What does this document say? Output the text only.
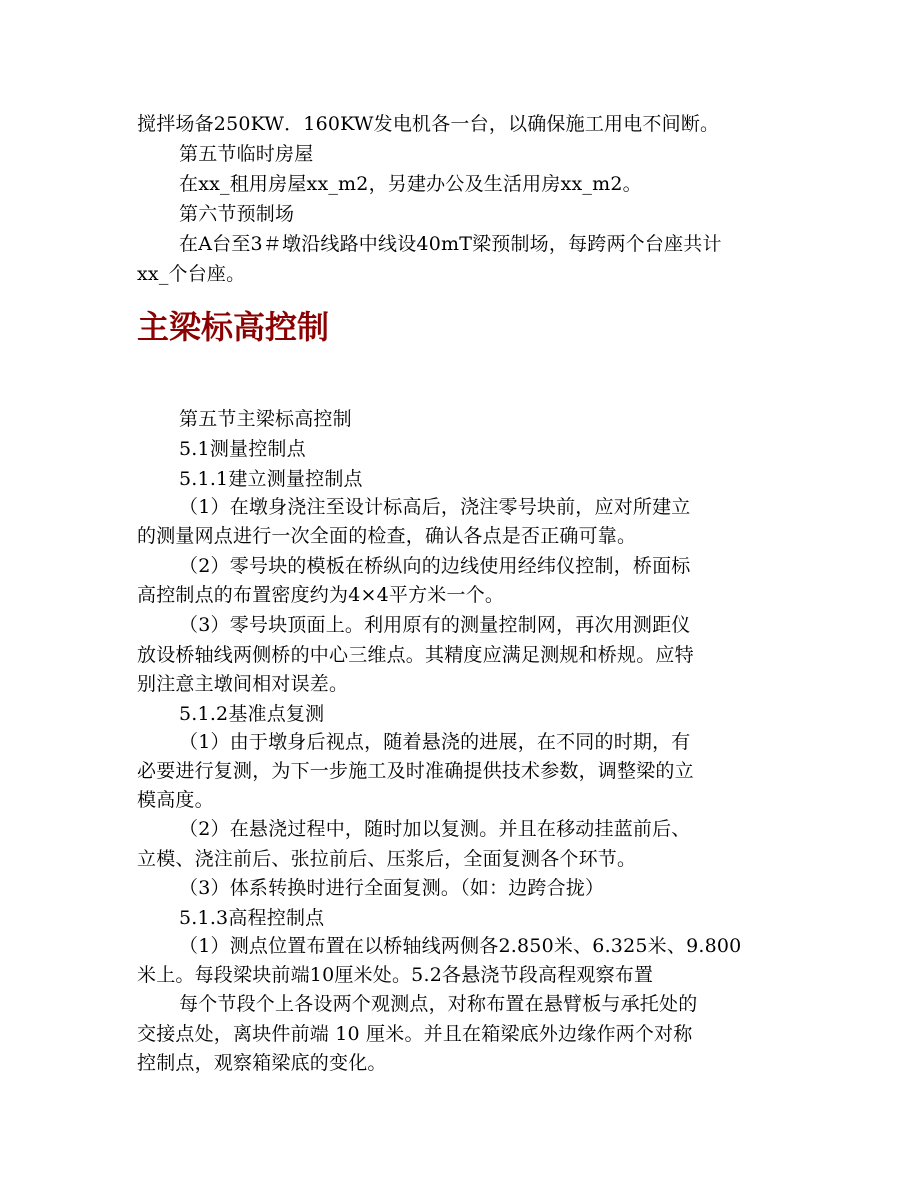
搅拌场备250KW．160KW发电机各一台，以确保施工用电不间断。
第五节临时房屋
在xx_租用房屋xx_m2，另建办公及生活用房xx_m2。
第六节预制场
在A台至3＃墩沿线路中线设40mT梁预制场，每跨两个台座共计
xx_个台座。
主梁标高控制
第五节主梁标高控制
5.1测量控制点
5.1.1建立测量控制点
（1）在墩身浇注至设计标高后，浇注零号块前，应对所建立
的测量网点进行一次全面的检查，确认各点是否正确可靠。
（2）零号块的模板在桥纵向的边线使用经纬仪控制，桥面标
高控制点的布置密度约为4×4平方米一个。
（3）零号块顶面上。利用原有的测量控制网，再次用测距仪
放设桥轴线两侧桥的中心三维点。其精度应满足测规和桥规。应特
别注意主墩间相对误差。
5.1.2基准点复测
（1）由于墩身后视点，随着悬浇的进展，在不同的时期，有
必要进行复测，为下一步施工及时准确提供技术参数，调整梁的立
模高度。
（2）在悬浇过程中，随时加以复测。并且在移动挂蓝前后、
立模、浇注前后、张拉前后、压浆后，全面复测各个环节。
（3）体系转换时进行全面复测。（如：边跨合拢）
5.1.3高程控制点
（1）测点位置布置在以桥轴线两侧各2.850米、6.325米、9.800
米上。每段梁块前端10厘米处。5.2各悬浇节段高程观察布置
每个节段个上各设两个观测点，对称布置在悬臂板与承托处的
交接点处，离块件前端 10 厘米。并且在箱梁底外边缘作两个对称
控制点，观察箱梁底的变化。
